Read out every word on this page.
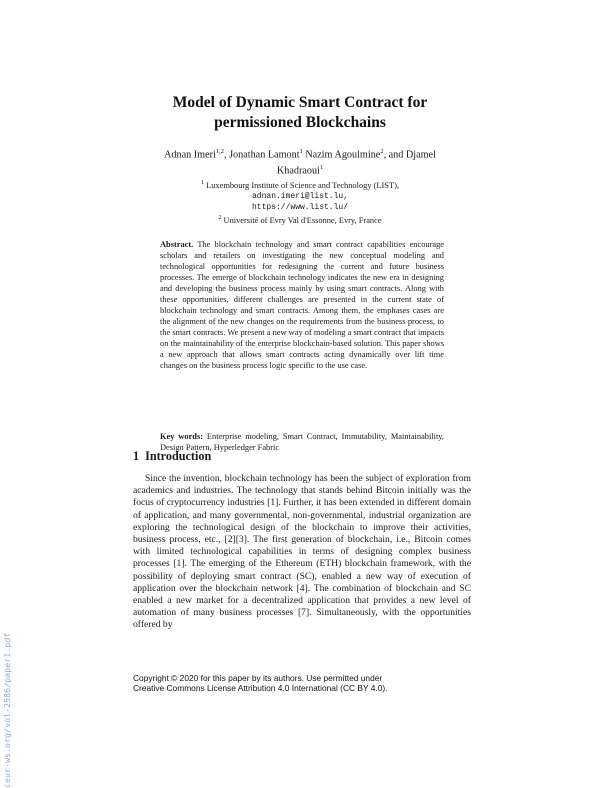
ceur-ws.org/vol-2586/paper1.pdf
Model of Dynamic Smart Contract for permissioned Blockchains
Adnan Imeri$^{1,2}$, Jonathan Lamont$^1$ Nazim Agoulmine$^2$, and Djamel Khadraoui$^1$
$^1$ Luxembourg Institute of Science and Technology (LIST),
adnan.imeri@list.lu,
https://www.list.lu/
$^2$ Université of Evry Val d'Essonne, Evry, France
Abstract. The blockchain technology and smart contract capabilities encourage scholars and retailers on investigating the new conceptual modeling and technological opportunities for redesigning the current and future business processes. The emerge of blockchain technology indicates the new era in designing and developing the business process mainly by using smart contracts. Along with these opportunities, different challenges are presented in the current state of blockchain technology and smart contracts. Among them, the emphases cases are the alignment of the new changes on the requirements from the business process, to the smart contracts. We present a new way of modeling a smart contract that impacts on the maintainability of the enterprise blockchain-based solution. This paper shows a new approach that allows smart contracts acting dynamically over lift time changes on the business process logic specific to the use case.
Key words: Enterprise modeling, Smart Contract, Immutability, Maintainability, Design Pattern, Hyperledger Fabric
1 Introduction
Since the invention, blockchain technology has been the subject of exploration from academics and industries. The technology that stands behind Bitcoin initially was the focus of cryptocurrency industries [1]. Further, it has been extended in different domain of application, and many governmental, non-governmental, industrial organization are exploring the technological design of the blockchain to improve their activities, business process, etc., [2][3]. The first generation of blockchain, i.e., Bitcoin comes with limited technological capabilities in terms of designing complex business processes [1]. The emerging of the Ethereum (ETH) blockchain framework, with the possibility of deploying smart contract (SC), enabled a new way of execution of application over the blockchain network [4]. The combination of blockchain and SC enabled a new market for a decentralized application that provides a new level of automation of many business processes [7]. Simultaneously, with the opportunities offered by
Copyright © 2020 for this paper by its authors. Use permitted under
Creative Commons License Attribution 4.0 International (CC BY 4.0).
